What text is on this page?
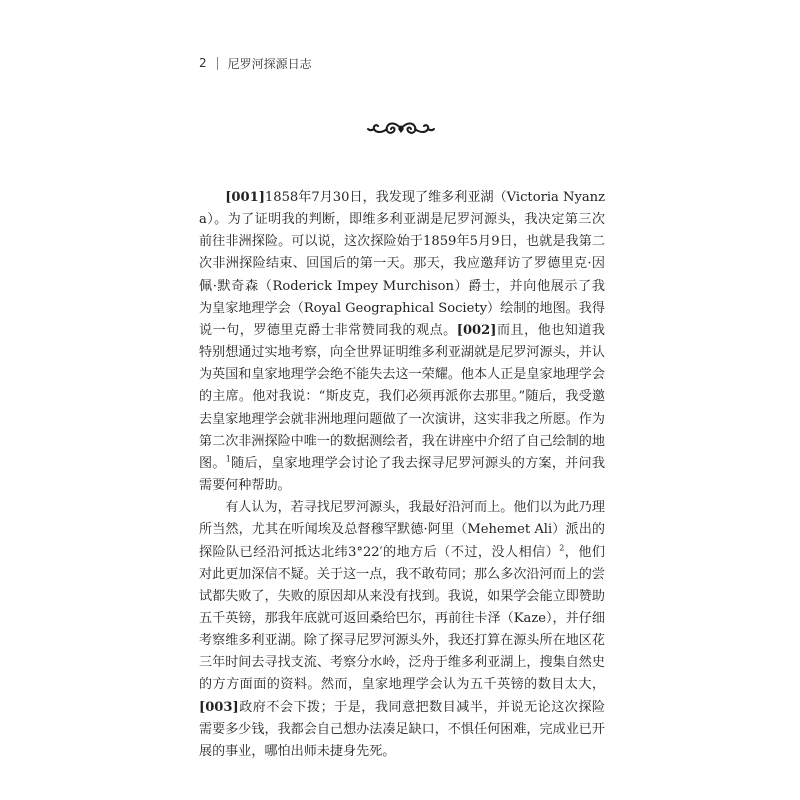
2 尼罗河探源日志

[001]1858年7月30日，我发现了维多利亚湖（Victoria Nyanza）。为了证明我的判断，即维多利亚湖是尼罗河源头，我决定第三次前往非洲探险。可以说，这次探险始于1859年5月9日，也就是我第二次非洲探险结束、回国后的第一天。那天，我应邀拜访了罗德里克·因佩·默奇森（Roderick Impey Murchison）爵士，并向他展示了我为皇家地理学会（Royal Geographical Society）绘制的地图。我得说一句，罗德里克爵士非常赞同我的观点。[002]而且，他也知道我特别想通过实地考察，向全世界证明维多利亚湖就是尼罗河源头，并认为英国和皇家地理学会绝不能失去这一荣耀。他本人正是皇家地理学会的主席。他对我说：“斯皮克，我们必须再派你去那里。”随后，我受邀去皇家地理学会就非洲地理问题做了一次演讲，这实非我之所愿。作为第二次非洲探险中唯一的数据测绘者，我在讲座中介绍了自己绘制的地图。$^1$随后，皇家地理学会讨论了我去探寻尼罗河源头的方案，并问我需要何种帮助。

有人认为，若寻找尼罗河源头，我最好沿河而上。他们以为此乃理所当然，尤其在听闻埃及总督穆罕默德·阿里（Mehemet Ali）派出的探险队已经沿河抵达北纬3°22′的地方后（不过，没人相信）$^2$，他们对此更加深信不疑。关于这一点，我不敢苟同；那么多次沿河而上的尝试都失败了，失败的原因却从来没有找到。我说，如果学会能立即赞助五千英镑，那我年底就可返回桑给巴尔，再前往卡泽（Kaze），并仔细考察维多利亚湖。除了探寻尼罗河源头外，我还打算在源头所在地区花三年时间去寻找支流、考察分水岭，泛舟于维多利亚湖上，搜集自然史的方方面面的资料。然而，皇家地理学会认为五千英镑的数目太大，[003]政府不会下拨；于是，我同意把数目减半，并说无论这次探险需要多少钱，我都会自己想办法凑足缺口，不惧任何困难，完成业已开展的事业，哪怕出师未捷身先死。
